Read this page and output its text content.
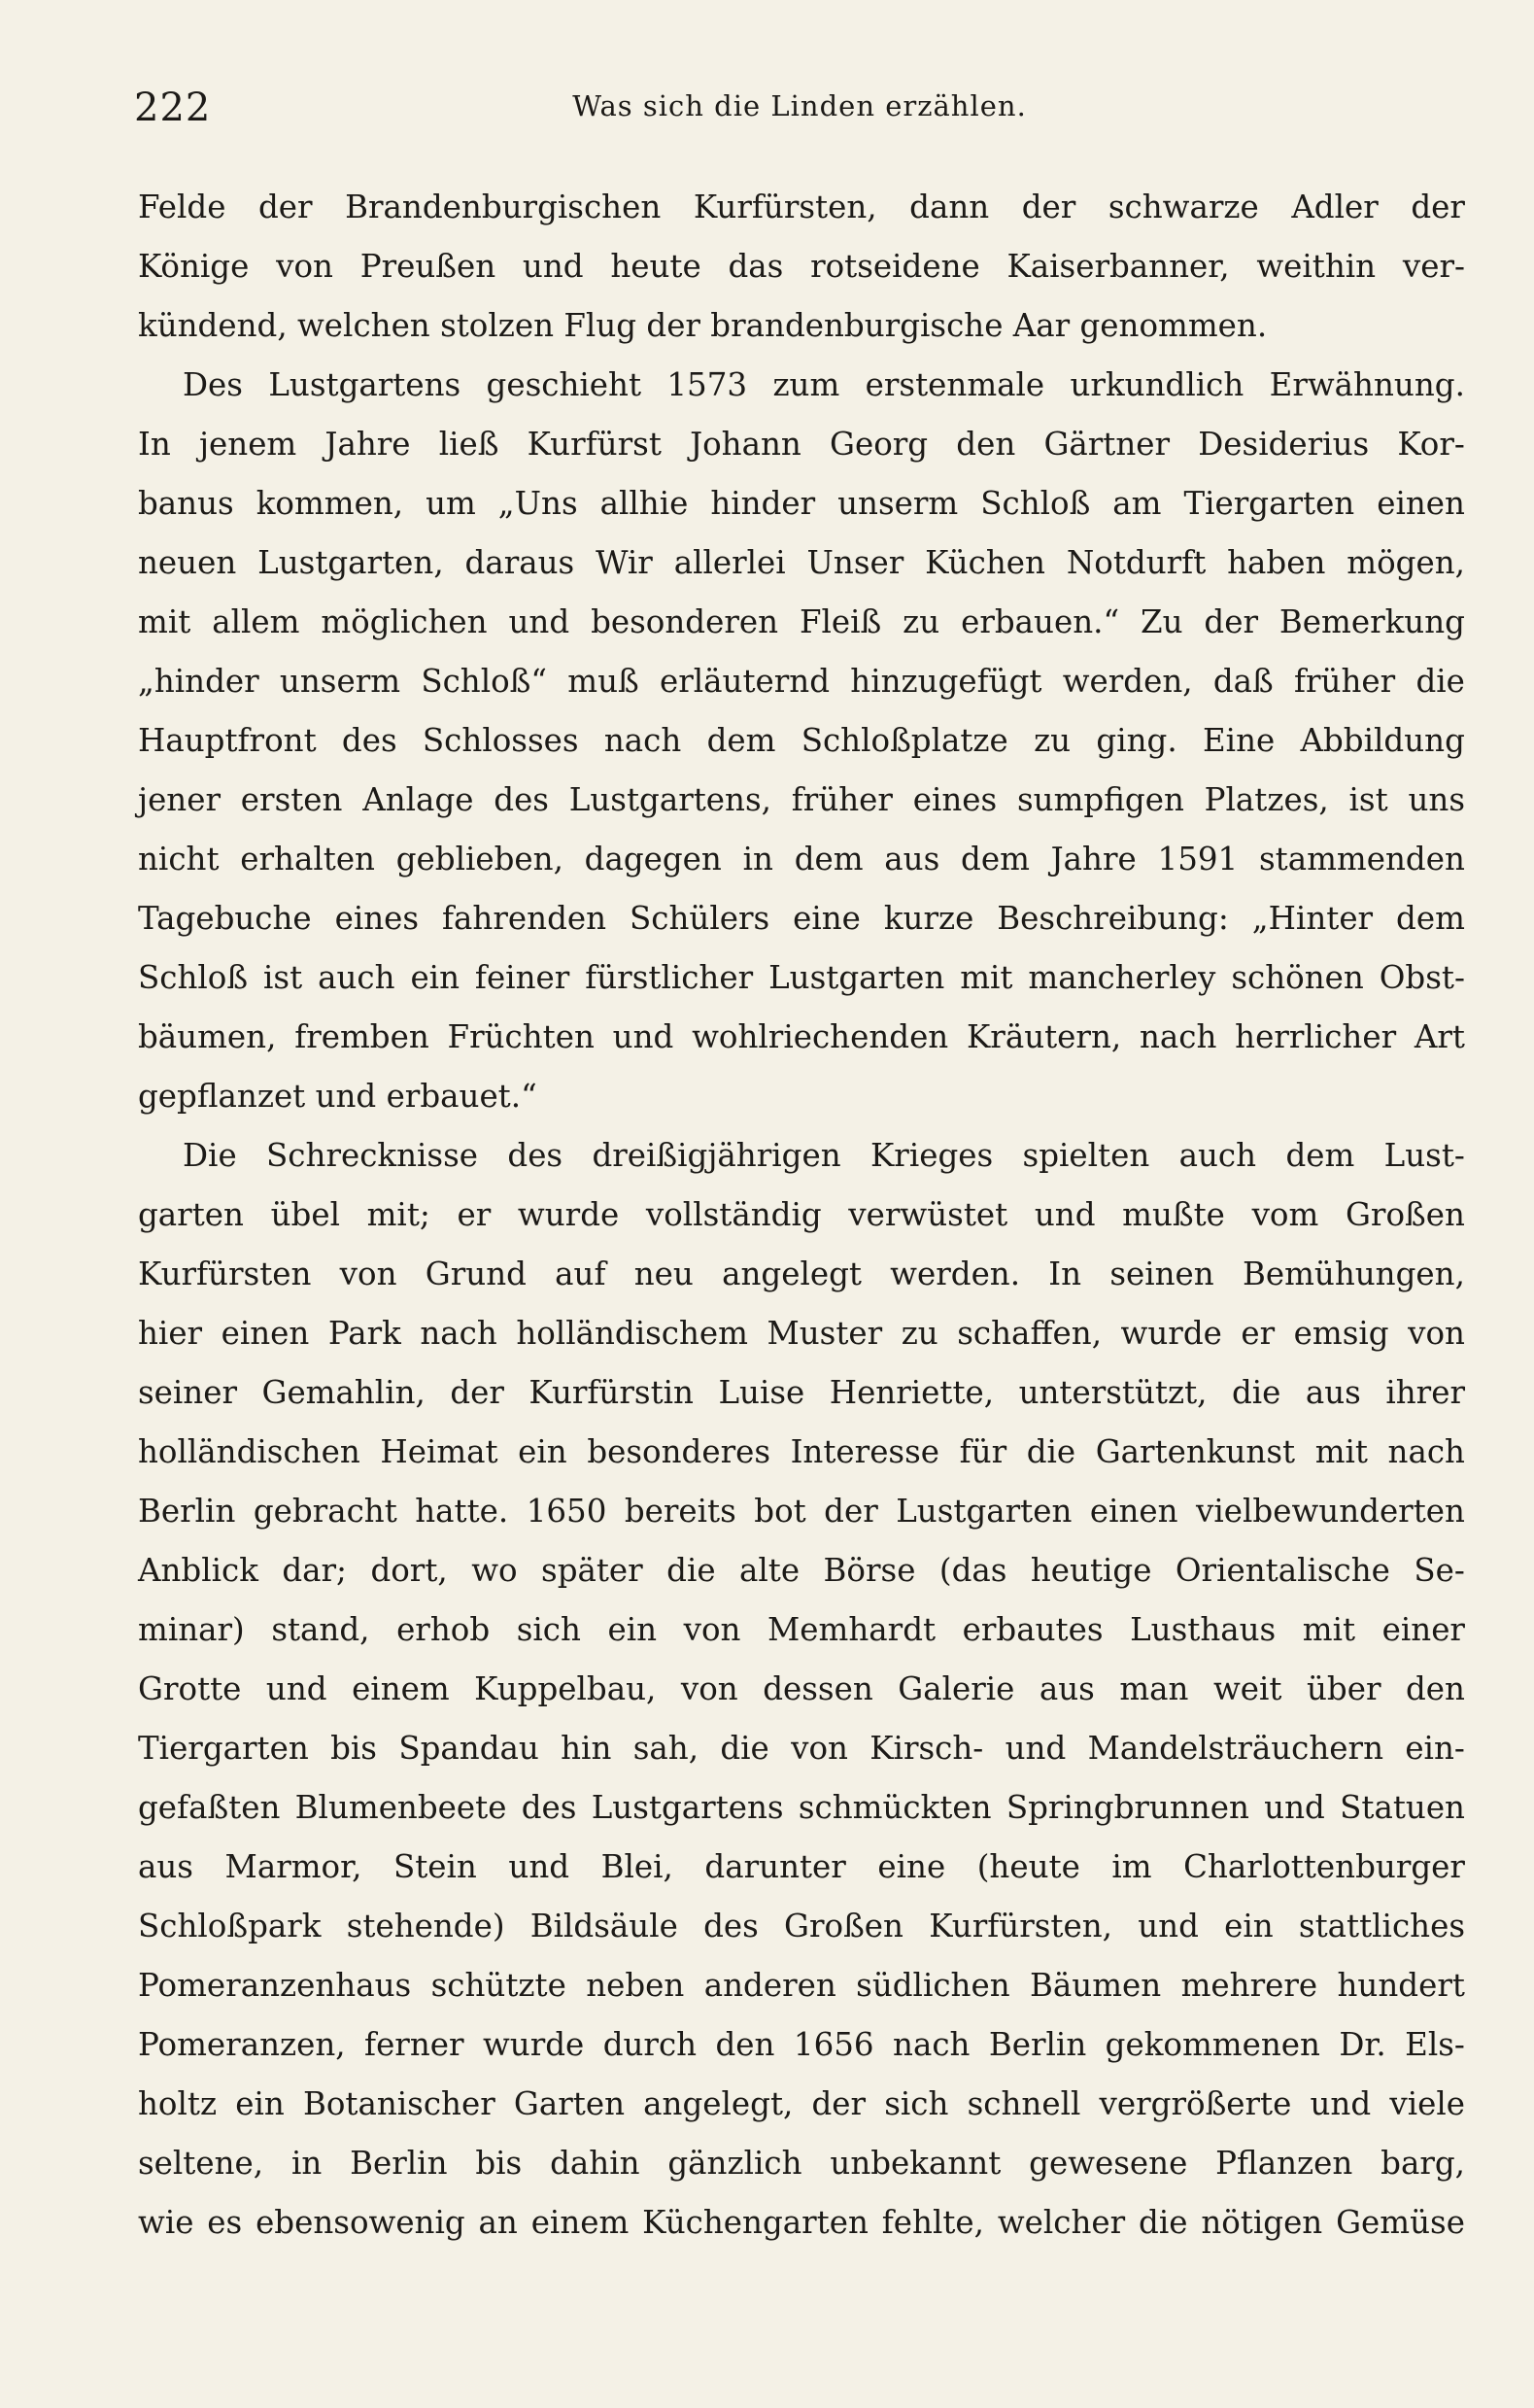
222	Was sich die Linden erzählen.
Felde der Brandenburgischen Kurfürsten, dann der schwarze Adler der
Könige von Preußen und heute das rotseidene Kaiserbanner, weithin ver-
kündend, welchen stolzen Flug der brandenburgische Aar genommen.
Des Lustgartens geschieht 1573 zum erstenmale urkundlich Erwähnung.
In jenem Jahre ließ Kurfürst Johann Georg den Gärtner Desiderius Kor-
banus kommen, um „Uns allhie hinder unserm Schloß am Tiergarten einen
neuen Lustgarten, daraus Wir allerlei Unser Küchen Notdurft haben mögen,
mit allem möglichen und besonderen Fleiß zu erbauen.“ Zu der Bemerkung
„hinder unserm Schloß“ muß erläuternd hinzugefügt werden, daß früher die
Hauptfront des Schlosses nach dem Schloßplatze zu ging. Eine Abbildung
jener ersten Anlage des Lustgartens, früher eines sumpfigen Platzes, ist uns
nicht erhalten geblieben, dagegen in dem aus dem Jahre 1591 stammenden
Tagebuche eines fahrenden Schülers eine kurze Beschreibung: „Hinter dem
Schloß ist auch ein feiner fürstlicher Lustgarten mit mancherley schönen Obst-
bäumen, fremben Früchten und wohlriechenden Kräutern, nach herrlicher Art
gepflanzet und erbauet.“
Die Schrecknisse des dreißigjährigen Krieges spielten auch dem Lust-
garten übel mit; er wurde vollständig verwüstet und mußte vom Großen
Kurfürsten von Grund auf neu angelegt werden. In seinen Bemühungen,
hier einen Park nach holländischem Muster zu schaffen, wurde er emsig von
seiner Gemahlin, der Kurfürstin Luise Henriette, unterstützt, die aus ihrer
holländischen Heimat ein besonderes Interesse für die Gartenkunst mit nach
Berlin gebracht hatte. 1650 bereits bot der Lustgarten einen vielbewunderten
Anblick dar; dort, wo später die alte Börse (das heutige Orientalische Se-
minar) stand, erhob sich ein von Memhardt erbautes Lusthaus mit einer
Grotte und einem Kuppelbau, von dessen Galerie aus man weit über den
Tiergarten bis Spandau hin sah, die von Kirsch- und Mandelsträuchern ein-
gefaßten Blumenbeete des Lustgartens schmückten Springbrunnen und Statuen
aus Marmor, Stein und Blei, darunter eine (heute im Charlottenburger
Schloßpark stehende) Bildsäule des Großen Kurfürsten, und ein stattliches
Pomeranzenhaus schützte neben anderen südlichen Bäumen mehrere hundert
Pomeranzen, ferner wurde durch den 1656 nach Berlin gekommenen Dr. Els-
holtz ein Botanischer Garten angelegt, der sich schnell vergrößerte und viele
seltene, in Berlin bis dahin gänzlich unbekannt gewesene Pflanzen barg,
wie es ebensowenig an einem Küchengarten fehlte, welcher die nötigen Gemüse
